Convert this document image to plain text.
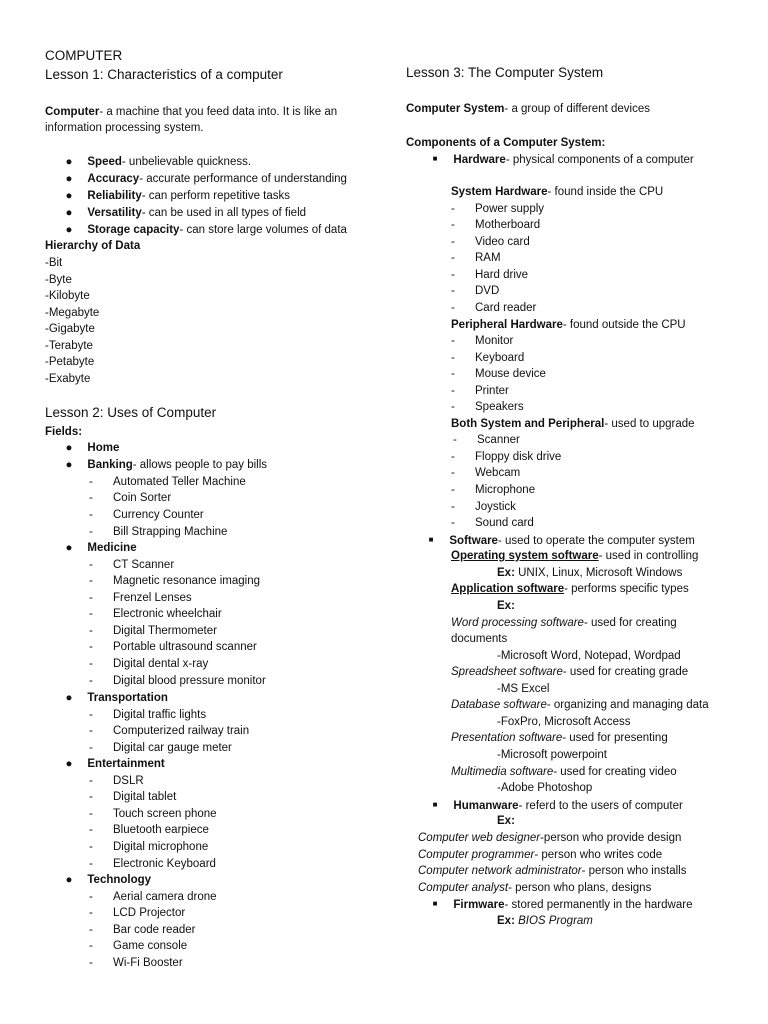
COMPUTER
Lesson 1: Characteristics of a computer
Computer- a machine that you feed data into. It is like an
information processing system.
● Speed- unbelievable quickness.
● Accuracy- accurate performance of understanding
● Reliability- can perform repetitive tasks
● Versatility- can be used in all types of field
● Storage capacity- can store large volumes of data
Hierarchy of Data
-Bit
-Byte
-Kilobyte
-Megabyte
-Gigabyte
-Terabyte
-Petabyte
-Exabyte
Lesson 2: Uses of Computer
Fields:
● Home
● Banking- allows people to pay bills
- Automated Teller Machine
- Coin Sorter
- Currency Counter
- Bill Strapping Machine
● Medicine
- CT Scanner
- Magnetic resonance imaging
- Frenzel Lenses
- Electronic wheelchair
- Digital Thermometer
- Portable ultrasound scanner
- Digital dental x-ray
- Digital blood pressure monitor
● Transportation
- Digital traffic lights
- Computerized railway train
- Digital car gauge meter
● Entertainment
- DSLR
- Digital tablet
- Touch screen phone
- Bluetooth earpiece
- Digital microphone
- Electronic Keyboard
● Technology
- Aerial camera drone
- LCD Projector
- Bar code reader
- Game console
- Wi-Fi Booster
Lesson 3: The Computer System
Computer System- a group of different devices
Components of a Computer System:
■ Hardware- physical components of a computer
System Hardware- found inside the CPU
- Power supply
- Motherboard
- Video card
- RAM
- Hard drive
- DVD
- Card reader
Peripheral Hardware- found outside the CPU
- Monitor
- Keyboard
- Mouse device
- Printer
- Speakers
Both System and Peripheral- used to upgrade
- Scanner
- Floppy disk drive
- Webcam
- Microphone
- Joystick
- Sound card
■ Software- used to operate the computer system
Operating system software- used in controlling
Ex: UNIX, Linux, Microsoft Windows
Application software- performs specific types
Ex:
Word processing software- used for creating
documents
-Microsoft Word, Notepad, Wordpad
Spreadsheet software- used for creating grade
-MS Excel
Database software- organizing and managing data
-FoxPro, Microsoft Access
Presentation software- used for presenting
-Microsoft powerpoint
Multimedia software- used for creating video
-Adobe Photoshop
■ Humanware- referd to the users of computer
Ex:
Computer web designer-person who provide design
Computer programmer- person who writes code
Computer network administrator- person who installs
Computer analyst- person who plans, designs
■ Firmware- stored permanently in the hardware
Ex: BIOS Program
